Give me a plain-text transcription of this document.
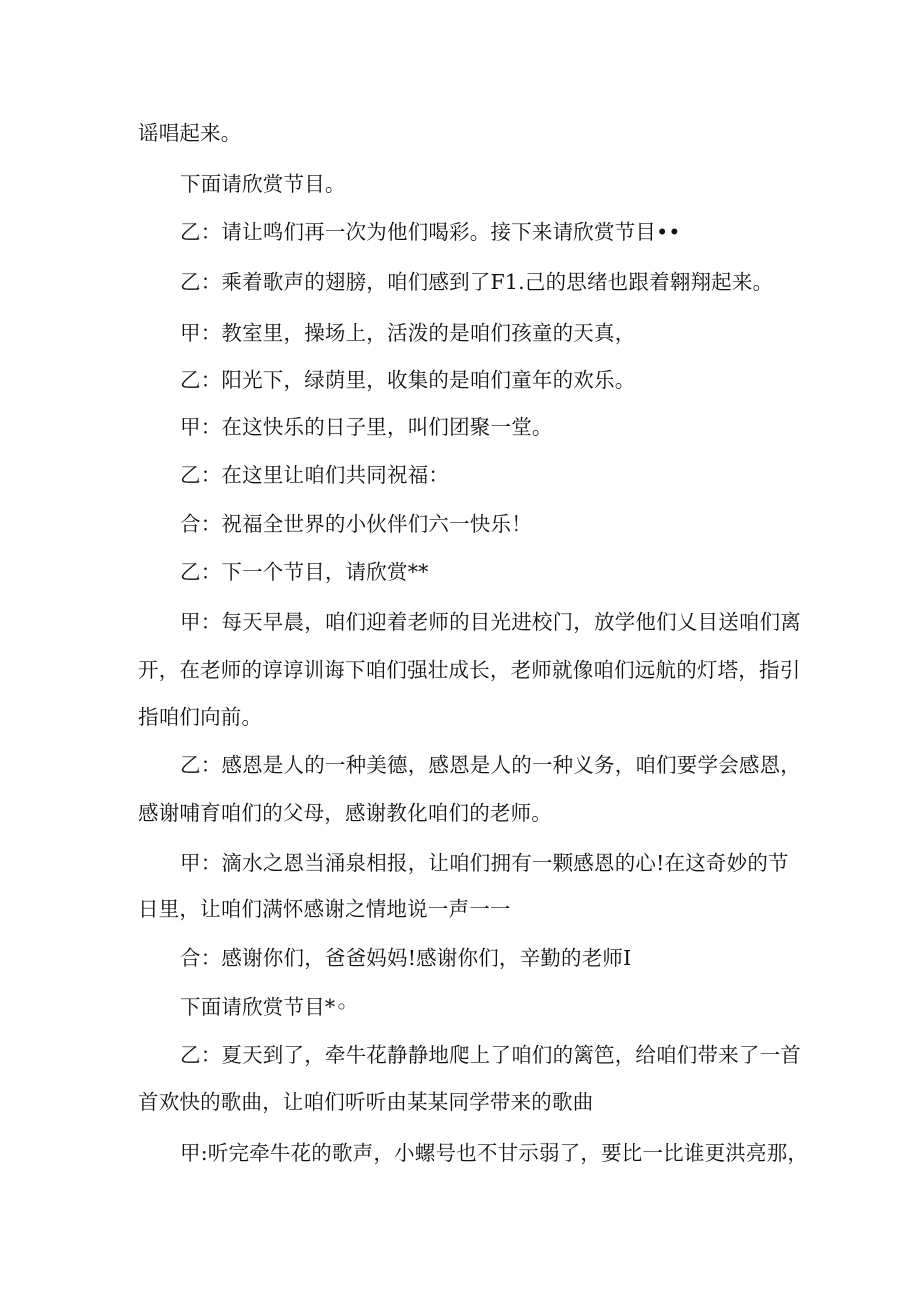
谣唱起来。
下面请欣赏节目。
乙：请让鸣们再一次为他们喝彩。接下来请欣赏节目••
乙：乘着歌声的翅膀，咱们感到了F1.己的思绪也跟着翱翔起来。
甲：教室里，操场上，活泼的是咱们孩童的天真，
乙：阳光下，绿荫里，收集的是咱们童年的欢乐。
甲：在这快乐的日子里，叫们团聚一堂。
乙：在这里让咱们共同祝福：
合：祝福全世界的小伙伴们六一快乐！
乙：下一个节目，请欣赏**
甲：每天早晨，咱们迎着老师的目光进校门，放学他们乂目送咱们离
开，在老师的谆谆训诲下咱们强壮成长，老师就像咱们远航的灯塔，指引
指咱们向前。
乙：感恩是人的一种美德，感恩是人的一种义务，咱们要学会感恩，
感谢哺育咱们的父母，感谢教化咱们的老师。
甲：滴水之恩当涌泉相报，让咱们拥有一颗感恩的心!在这奇妙的节
日里，让咱们满怀感谢之情地说一声一一
合：感谢你们，爸爸妈妈!感谢你们，辛勤的老师I
下面请欣赏节目*◦
乙：夏天到了，牵牛花静静地爬上了咱们的篱笆，给咱们带来了一首
首欢快的歌曲，让咱们听听由某某同学带来的歌曲
甲:听完牵牛花的歌声，小螺号也不甘示弱了，要比一比谁更洪亮那，
